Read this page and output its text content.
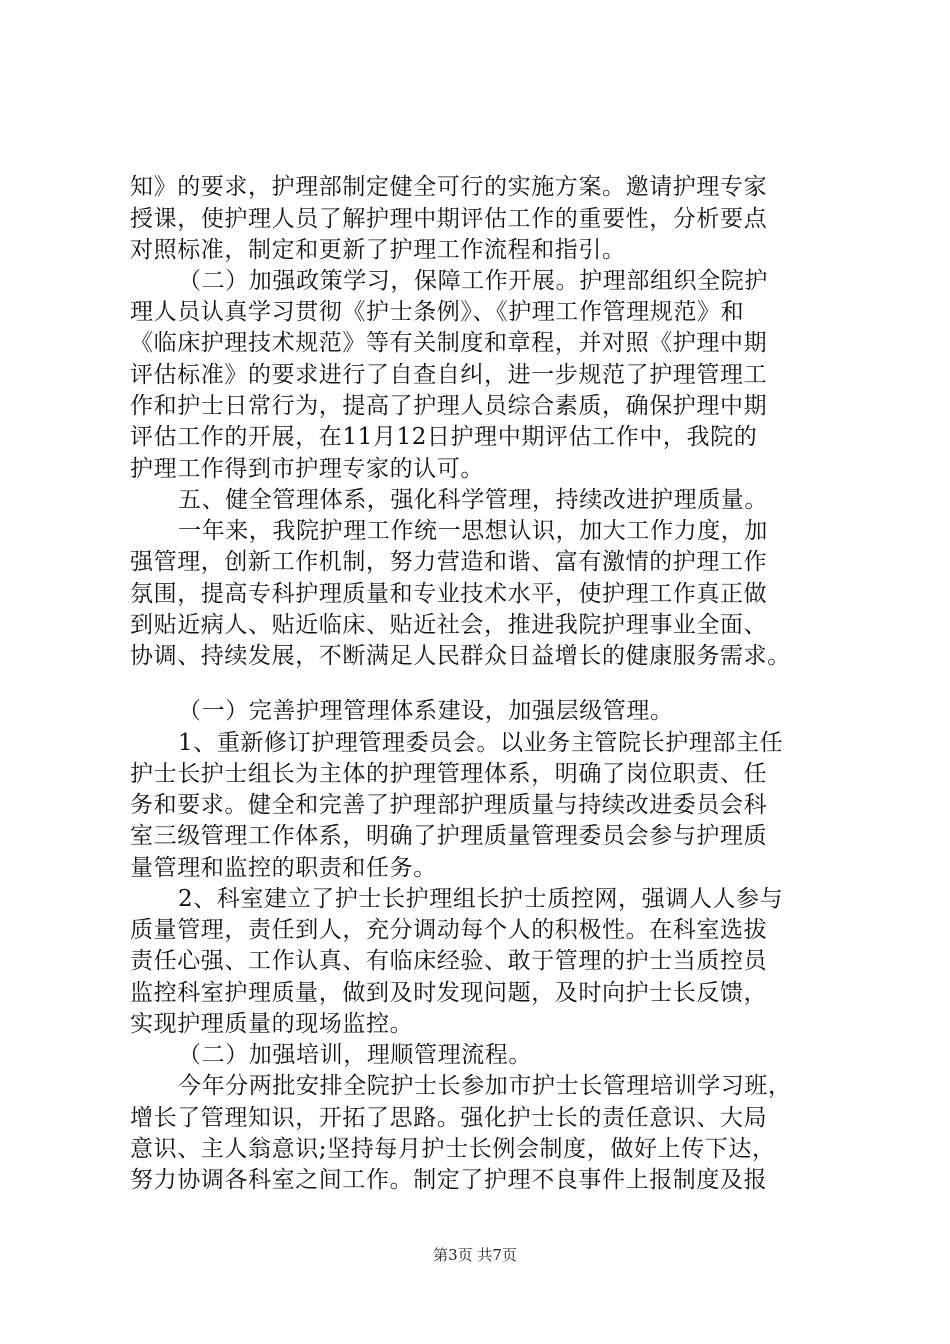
知》的要求，护理部制定健全可行的实施方案。邀请护理专家
授课，使护理人员了解护理中期评估工作的重要性，分析要点
对照标准，制定和更新了护理工作流程和指引。
（二）加强政策学习，保障工作开展。护理部组织全院护
理人员认真学习贯彻《护士条例》、《护理工作管理规范》和
《临床护理技术规范》等有关制度和章程，并对照《护理中期
评估标准》的要求进行了自查自纠，进一步规范了护理管理工
作和护士日常行为，提高了护理人员综合素质，确保护理中期
评估工作的开展，在11月12日护理中期评估工作中，我院的
护理工作得到市护理专家的认可。
五、健全管理体系，强化科学管理，持续改进护理质量。
一年来，我院护理工作统一思想认识，加大工作力度，加
强管理，创新工作机制，努力营造和谐、富有激情的护理工作
氛围，提高专科护理质量和专业技术水平，使护理工作真正做
到贴近病人、贴近临床、贴近社会，推进我院护理事业全面、
协调、持续发展，不断满足人民群众日益增长的健康服务需求。
（一）完善护理管理体系建设，加强层级管理。
1、重新修订护理管理委员会。以业务主管院长护理部主任
护士长护士组长为主体的护理管理体系，明确了岗位职责、任
务和要求。健全和完善了护理部护理质量与持续改进委员会科
室三级管理工作体系，明确了护理质量管理委员会参与护理质
量管理和监控的职责和任务。
2、科室建立了护士长护理组长护士质控网，强调人人参与
质量管理，责任到人，充分调动每个人的积极性。在科室选拔
责任心强、工作认真、有临床经验、敢于管理的护士当质控员
监控科室护理质量，做到及时发现问题，及时向护士长反馈，
实现护理质量的现场监控。
（二）加强培训，理顺管理流程。
今年分两批安排全院护士长参加市护士长管理培训学习班，
增长了管理知识，开拓了思路。强化护士长的责任意识、大局
意识、主人翁意识;坚持每月护士长例会制度，做好上传下达，
努力协调各科室之间工作。制定了护理不良事件上报制度及报
第3页 共7页
